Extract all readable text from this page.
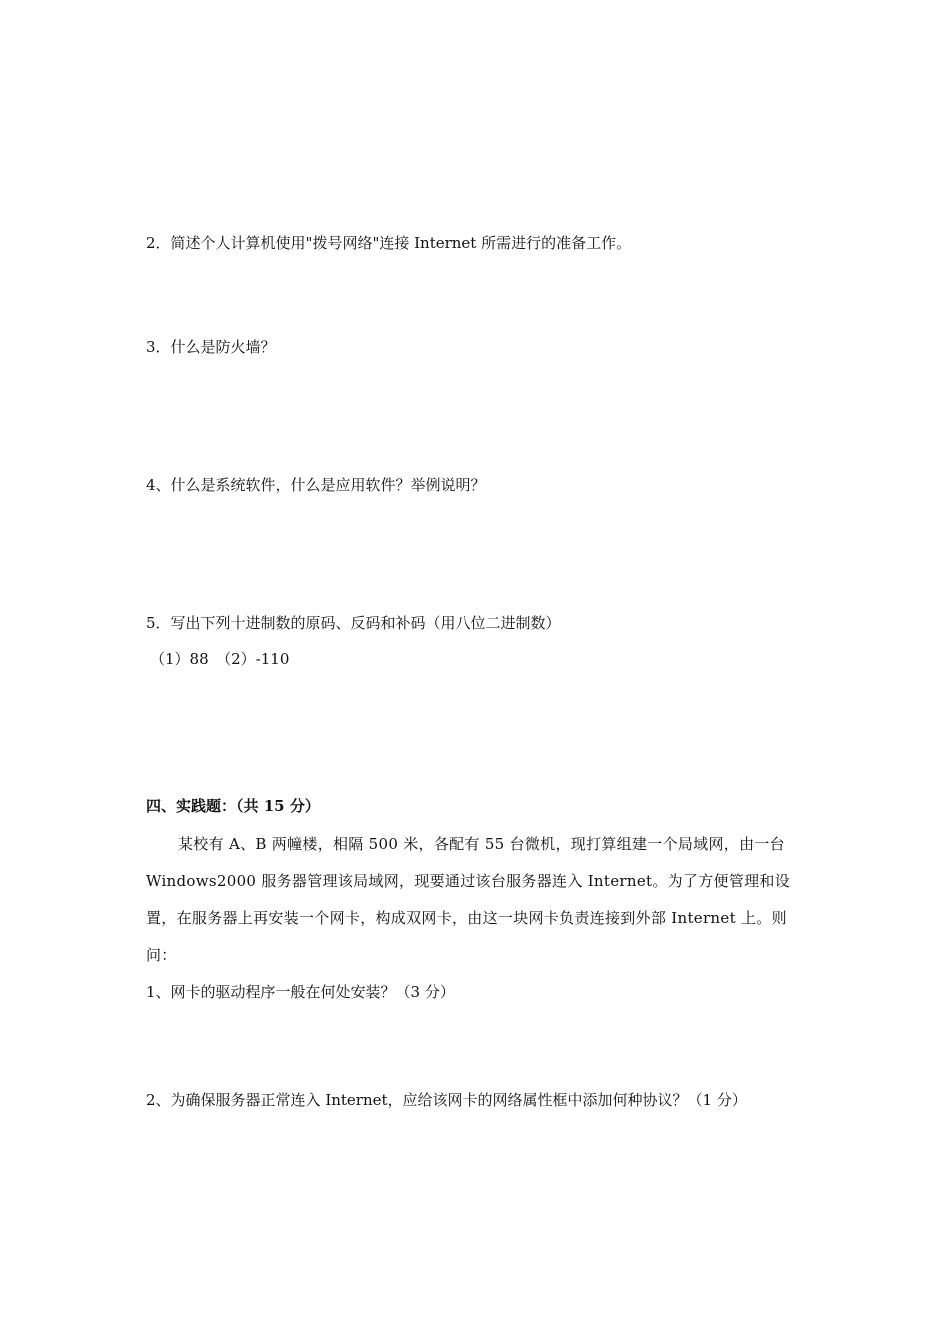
2．简述个人计算机使用"拨号网络"连接 Internet 所需进行的准备工作。
3．什么是防火墙？
4、什么是系统软件，什么是应用软件？举例说明？
5．写出下列十进制数的原码、反码和补码（用八位二进制数）
（1）88　（2）-110
四、实践题：（共 15 分）
某校有 A、B 两幢楼，相隔 500 米，各配有 55 台微机，现打算组建一个局域网，由一台 Windows2000 服务器管理该局域网，现要通过该台服务器连入 Internet。为了方便管理和设置，在服务器上再安装一个网卡，构成双网卡，由这一块网卡负责连接到外部 Internet 上。则问：
1、网卡的驱动程序一般在何处安装？（3 分）
2、为确保服务器正常连入 Internet，应给该网卡的网络属性框中添加何种协议？（1 分）
